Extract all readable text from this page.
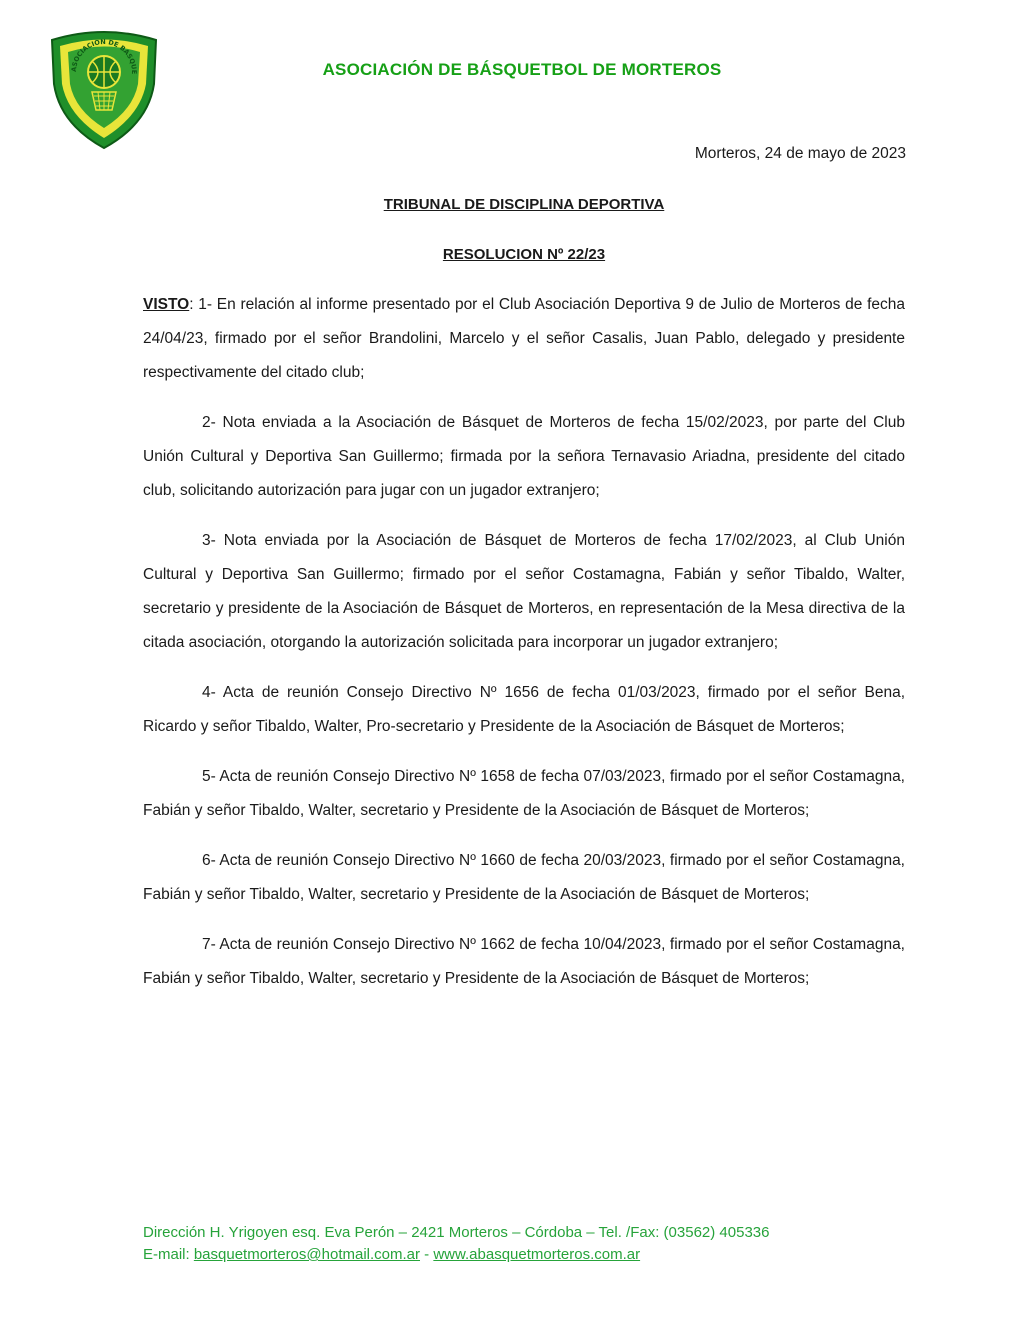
ASOCIACION DE BASQUE	ASOCIACIÓN DE BÁSQUETBOL DE MORTEROS
Morteros, 24 de mayo de 2023
TRIBUNAL DE DISCIPLINA DEPORTIVA
RESOLUCION Nº 22/23

VISTO: 1- En relación al informe presentado por el Club Asociación Deportiva 9 de Julio de Morteros de fecha 24/04/23, firmado por el señor Brandolini, Marcelo y el señor Casalis, Juan Pablo, delegado y presidente respectivamente del citado club;

2- Nota enviada a la Asociación de Básquet de Morteros de fecha 15/02/2023, por parte del Club Unión Cultural y Deportiva San Guillermo; firmada por la señora Ternavasio Ariadna, presidente del citado club, solicitando autorización para jugar con un jugador extranjero;

3- Nota enviada por la Asociación de Básquet de Morteros de fecha 17/02/2023, al Club Unión Cultural y Deportiva San Guillermo; firmado por el señor Costamagna, Fabián y señor Tibaldo, Walter, secretario y presidente de la Asociación de Básquet de Morteros, en representación de la Mesa directiva de la citada asociación, otorgando la autorización solicitada para incorporar un jugador extranjero;

4- Acta de reunión Consejo Directivo Nº 1656 de fecha 01/03/2023, firmado por el señor Bena, Ricardo y señor Tibaldo, Walter, Pro-secretario y Presidente de la Asociación de Básquet de Morteros;

5- Acta de reunión Consejo Directivo Nº 1658 de fecha 07/03/2023, firmado por el señor Costamagna, Fabián y señor Tibaldo, Walter, secretario y Presidente de la Asociación de Básquet de Morteros;

6- Acta de reunión Consejo Directivo Nº 1660 de fecha 20/03/2023, firmado por el señor Costamagna, Fabián y señor Tibaldo, Walter, secretario y Presidente de la Asociación de Básquet de Morteros;

7- Acta de reunión Consejo Directivo Nº 1662 de fecha 10/04/2023, firmado por el señor Costamagna, Fabián y señor Tibaldo, Walter, secretario y Presidente de la Asociación de Básquet de Morteros;

Dirección H. Yrigoyen esq. Eva Perón – 2421 Morteros – Córdoba – Tel. /Fax: (03562) 405336
E-mail: basquetmorteros@hotmail.com.ar - www.abasquetmorteros.com.ar
